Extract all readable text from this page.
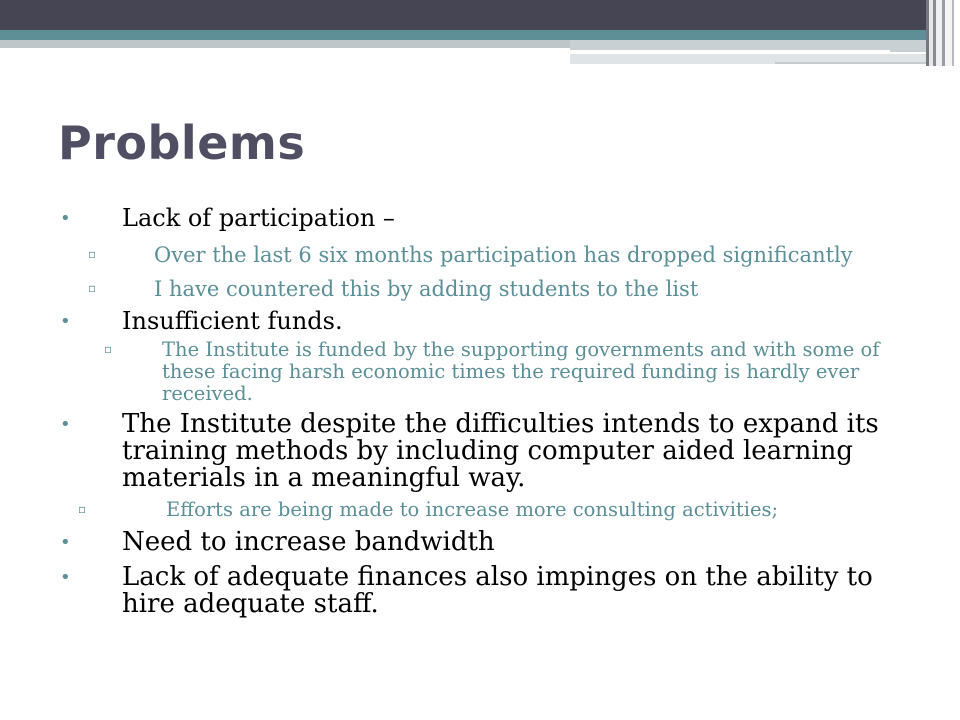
Problems
•	Lack of participation –
▫	Over the last 6 six months participation has dropped significantly
▫	I have countered this by adding students to the list
•	Insufficient funds.
▫	The Institute is funded by the supporting governments and with some of these facing harsh economic times the required funding is hardly ever received.
•	The Institute despite the difficulties intends to expand its training methods by including computer aided learning materials in a meaningful way.
▫	Efforts are being made to increase more consulting activities;
•	Need to increase bandwidth
•	Lack of adequate finances also impinges on the ability to hire adequate staff.
